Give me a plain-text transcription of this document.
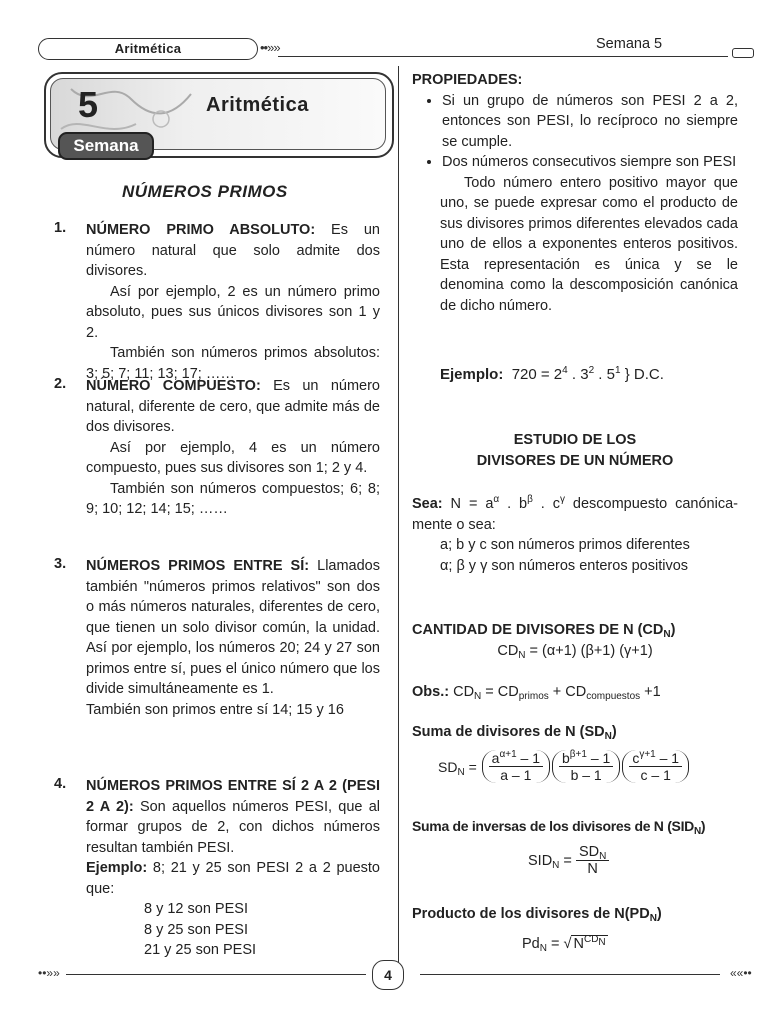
Aritmética	••»»	Semana 5
5	Aritmética
Semana
NÚMEROS PRIMOS
1.	NÚMERO PRIMO ABSOLUTO: Es un número natural que solo admite dos divisores.

Así por ejemplo, 2 es un número primo absoluto, pues sus únicos divisores son 1 y 2.

También son números primos absolutos: 3; 5; 7; 11; 13; 17; ……

2.	NÚMERO COMPUESTO: Es un número natural, diferente de cero, que admite más de dos divisores.

Así por ejemplo, 4 es un número compuesto, pues sus divisores son 1; 2 y 4.

También son números compuestos; 6; 8; 9; 10; 12; 14; 15; ……

3.	NÚMEROS PRIMOS ENTRE SÍ: Llamados también "números primos relativos" son dos o más números naturales, diferentes de cero, que tienen un solo divisor común, la unidad. Así por ejemplo, los números 20; 24 y 27 son primos entre sí, pues el único número que los divide simultáneamente es 1.

También son primos entre sí 14; 15 y 16

4.	NÚMEROS PRIMOS ENTRE SÍ 2 A 2 (PESI 2 A 2): Son aquellos números PESI, que al formar grupos de 2, con dichos números resultan también PESI.

Ejemplo: 8; 21 y 25 son PESI 2 a 2 puesto que:

8 y 12 son PESI

8 y 25 son PESI

21 y 25 son PESI

PROPIEDADES:

• Si un grupo de números son PESI 2 a 2, entonces son PESI, lo recíproco no siempre se cumple.
• Dos números consecutivos siempre son PESI

Todo número entero positivo mayor que uno, se puede expresar como el producto de sus divisores primos diferentes elevados cada uno de ellos a exponentes enteros positivos. Esta representación es única y se le denomina como la descomposición canónica de dicho número.

Ejemplo: $720 = 2^4$ . $3^2$ . $5^1$ } D.C.
ESTUDIO DE LOS
DIVISORES DE UN NÚMERO

Sea: $N = a^\alpha$ . $b^\beta$ . $c^\gamma$ descompuesto canónica-mente o sea:

a; b y c son números primos diferentes

α; β y γ son números enteros positivos

CANTIDAD DE DIVISORES DE N $(CD_N)$

$CD_N = (\alpha+1)$ (β+1) (γ+1)

Obs.: $CD_N = CD_{primos} + CD_{compuestos} +1$
Suma de divisores de N $(SD_N)$
$SD_N = \frac{a^{\alpha+1} - 1}{a - 1} \frac{b^{\beta+1} - 1}{b - 1} \frac{c^{\gamma+1} - 1}{c - 1}$
Suma de inversas de los divisores de N $(SID_N)$
$SID_N = \frac{SD_N}{N}$
Producto de los divisores de $N(PD_N)$
$Pd_N$ = √ $N^{CD_N}$
••»»	««••
4
